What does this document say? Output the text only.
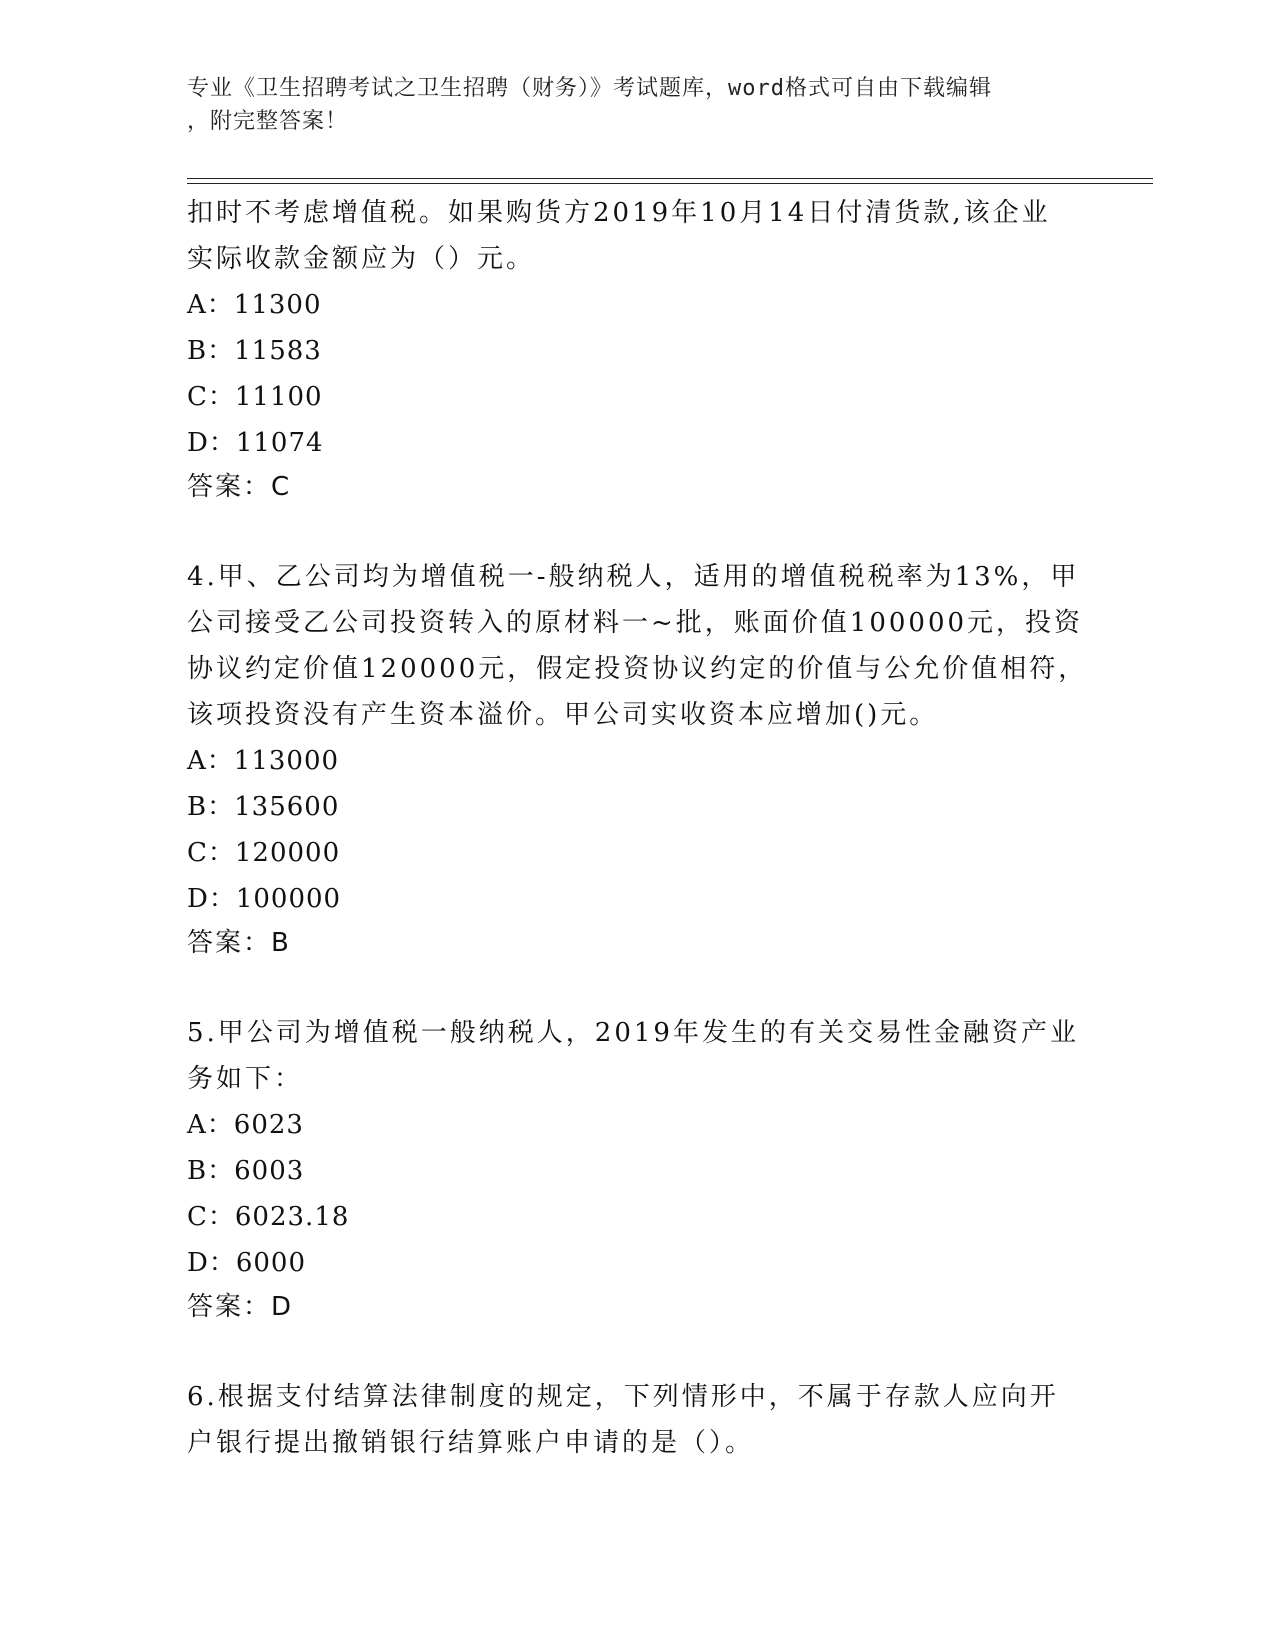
专业《卫生招聘考试之卫生招聘（财务）》考试题库，word格式可自由下载编辑
，附完整答案！
扣时不考虑增值税。如果购货方2019年10月14日付清货款,该企业
实际收款金额应为（）元。
A：11300
B：11583
C：11100
D：11074
答案：C
4.甲、乙公司均为增值税一-般纳税人，适用的增值税税率为13%，甲
公司接受乙公司投资转入的原材料一~批，账面价值100000元，投资
协议约定价值120000元，假定投资协议约定的价值与公允价值相符，
该项投资没有产生资本溢价。甲公司实收资本应增加()元。
A：113000
B：135600
C：120000
D：100000
答案：B
5.甲公司为增值税一般纳税人，2019年发生的有关交易性金融资产业
务如下：
A：6023
B：6003
C：6023.18
D：6000
答案：D
6.根据支付结算法律制度的规定，下列情形中，不属于存款人应向开
户银行提出撤销银行结算账户申请的是（）。
